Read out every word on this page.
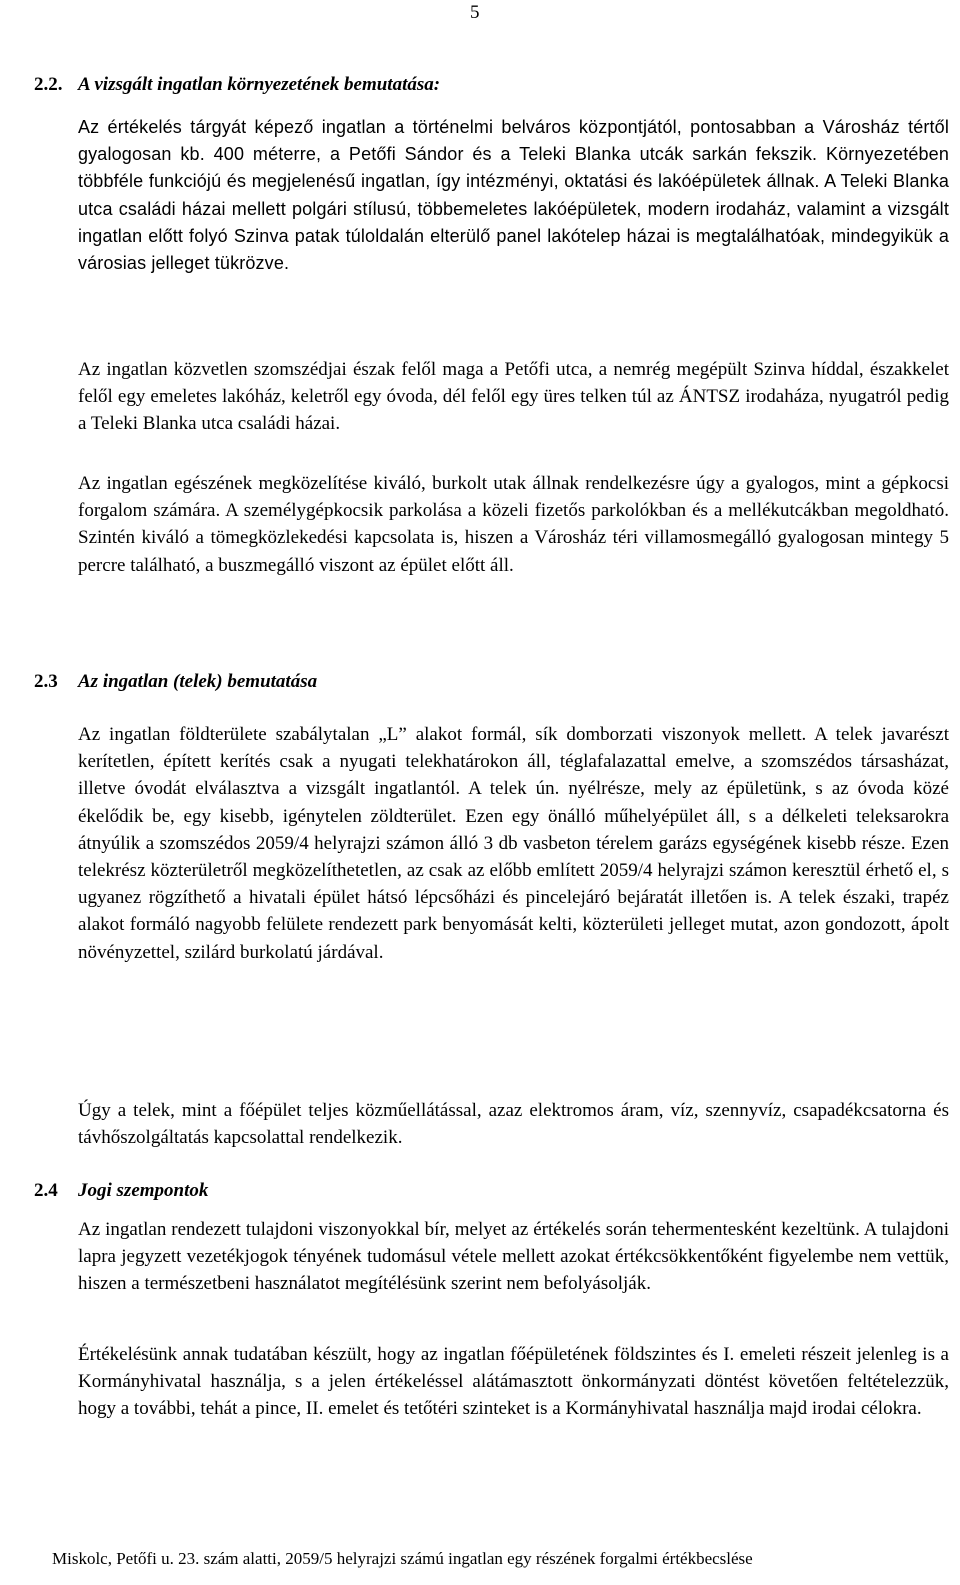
5
2.2. A vizsgált ingatlan környezetének bemutatása:

Az értékelés tárgyát képező ingatlan a történelmi belváros központjától, pontosabban a Városház tértől gyalogosan kb. 400 méterre, a Petőfi Sándor és a Teleki Blanka utcák sarkán fekszik. Környezetében többféle funkciójú és megjelenésű ingatlan, így intézményi, oktatási és lakóépületek állnak. A Teleki Blanka utca családi házai mellett polgári stílusú, többemeletes lakóépületek, modern irodaház, valamint a vizsgált ingatlan előtt folyó Szinva patak túloldalán elterülő panel lakótelep házai is megtalálhatóak, mindegyikük a városias jelleget tükrözve.

Az ingatlan közvetlen szomszédjai észak felől maga a Petőfi utca, a nemrég megépült Szinva híddal, északkelet felől egy emeletes lakóház, keletről egy óvoda, dél felől egy üres telken túl az ÁNTSZ irodaháza, nyugatról pedig a Teleki Blanka utca családi házai.

Az ingatlan egészének megközelítése kiváló, burkolt utak állnak rendelkezésre úgy a gyalogos, mint a gépkocsi forgalom számára. A személygépkocsik parkolása a közeli fizetős parkolókban és a mellékutcákban megoldható. Szintén kiváló a tömegközlekedési kapcsolata is, hiszen a Városház téri villamosmegálló gyalogosan mintegy 5 percre található, a buszmegálló viszont az épület előtt áll.

2.3	Az ingatlan (telek) bemutatása

Az ingatlan földterülete szabálytalan „L” alakot formál, sík domborzati viszonyok mellett. A telek javarészt kerítetlen, épített kerítés csak a nyugati telekhatárokon áll, téglafalazattal emelve, a szomszédos társasházat, illetve óvodát elválasztva a vizsgált ingatlantól. A telek ún. nyélrésze, mely az épületünk, s az óvoda közé ékelődik be, egy kisebb, igénytelen zöldterület. Ezen egy önálló műhelyépület áll, s a délkeleti teleksarokra átnyúlik a szomszédos 2059/4 helyrajzi számon álló 3 db vasbeton térelem garázs egységének kisebb része. Ezen telekrész közterületről megközelíthetetlen, az csak az előbb említett 2059/4 helyrajzi számon keresztül érhető el, s ugyanez rögzíthető a hivatali épület hátsó lépcsőházi és pincelejáró bejáratát illetően is. A telek északi, trapéz alakot formáló nagyobb felülete rendezett park benyomását kelti, közterületi jelleget mutat, azon gondozott, ápolt növényzettel, szilárd burkolatú járdával.

Úgy a telek, mint a főépület teljes közműellátással, azaz elektromos áram, víz, szennyvíz, csapadékcsatorna és távhőszolgáltatás kapcsolattal rendelkezik.

2.4	Jogi szempontok

Az ingatlan rendezett tulajdoni viszonyokkal bír, melyet az értékelés során tehermentesként kezeltünk. A tulajdoni lapra jegyzett vezetékjogok tényének tudomásul vétele mellett azokat értékcsökkentőként figyelembe nem vettük, hiszen a természetbeni használatot megítélésünk szerint nem befolyásolják.

Értékelésünk annak tudatában készült, hogy az ingatlan főépületének földszintes és I. emeleti részeit jelenleg is a Kormányhivatal használja, s a jelen értékeléssel alátámasztott önkormányzati döntést követően feltételezzük, hogy a további, tehát a pince, II. emelet és tetőtéri szinteket is a Kormányhivatal használja majd irodai célokra.

Miskolc, Petőfi u. 23. szám alatti, 2059/5 helyrajzi számú ingatlan egy részének forgalmi értékbecslése
